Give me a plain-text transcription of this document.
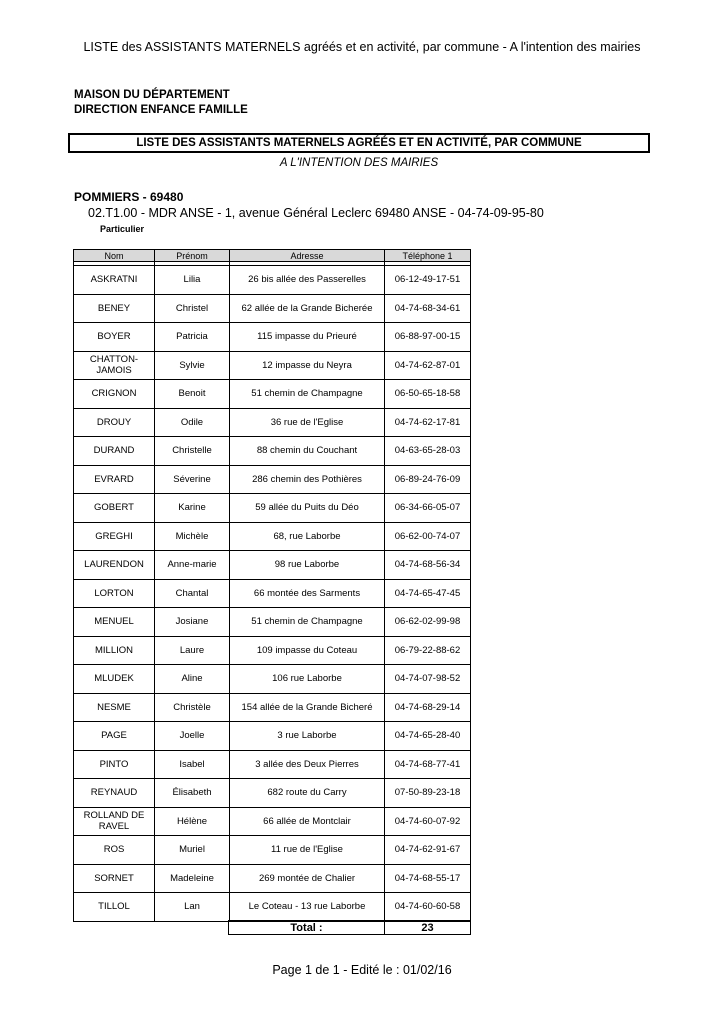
LISTE des ASSISTANTS MATERNELS agréés et en activité, par commune - A l'intention des mairies
MAISON DU DÉPARTEMENT
DIRECTION ENFANCE FAMILLE
LISTE DES ASSISTANTS MATERNELS AGRÉÉS ET EN ACTIVITÉ, PAR COMMUNE
A L'INTENTION DES MAIRIES
POMMIERS - 69480
02.T1.00 - MDR ANSE - 1, avenue Général Leclerc 69480 ANSE - 04-74-09-95-80
Particulier
Nom	Prénom	Adresse	Téléphone 1

ASKRATNI	Lilia	26 bis allée des Passerelles	06-12-49-17-51
BENEY	Christel	62 allée de la Grande Bicherée	04-74-68-34-61
BOYER	Patricia	115 impasse du Prieuré	06-88-97-00-15
CHATTON-JAMOIS	Sylvie	12 impasse du Neyra	04-74-62-87-01
CRIGNON	Benoit	51 chemin de Champagne	06-50-65-18-58
DROUY	Odile	36 rue de l'Eglise	04-74-62-17-81
DURAND	Christelle	88 chemin du Couchant	04-63-65-28-03
EVRARD	Séverine	286 chemin des Pothières	06-89-24-76-09
GOBERT	Karine	59 allée du Puits du Déo	06-34-66-05-07
GREGHI	Michèle	68, rue Laborbe	06-62-00-74-07
LAURENDON	Anne-marie	98 rue Laborbe	04-74-68-56-34
LORTON	Chantal	66 montée des Sarments	04-74-65-47-45
MENUEL	Josiane	51 chemin de Champagne	06-62-02-99-98
MILLION	Laure	109 impasse du Coteau	06-79-22-88-62
MLUDEK	Aline	106 rue Laborbe	04-74-07-98-52
NESME	Christèle	154 allée de la Grande Bicheré	04-74-68-29-14
PAGE	Joelle	3 rue Laborbe	04-74-65-28-40
PINTO	Isabel	3 allée des Deux Pierres	04-74-68-77-41
REYNAUD	Élisabeth	682 route du Carry	07-50-89-23-18
ROLLAND DE RAVEL	Hélène	66 allée de Montclair	04-74-60-07-92
ROS	Muriel	11 rue de l'Eglise	04-74-62-91-67
SORNET	Madeleine	269 montée de Chalier	04-74-68-55-17
TILLOL	Lan	Le Coteau - 13 rue Laborbe	04-74-60-60-58
Total :	23
Page 1 de 1 - Edité le : 01/02/16
